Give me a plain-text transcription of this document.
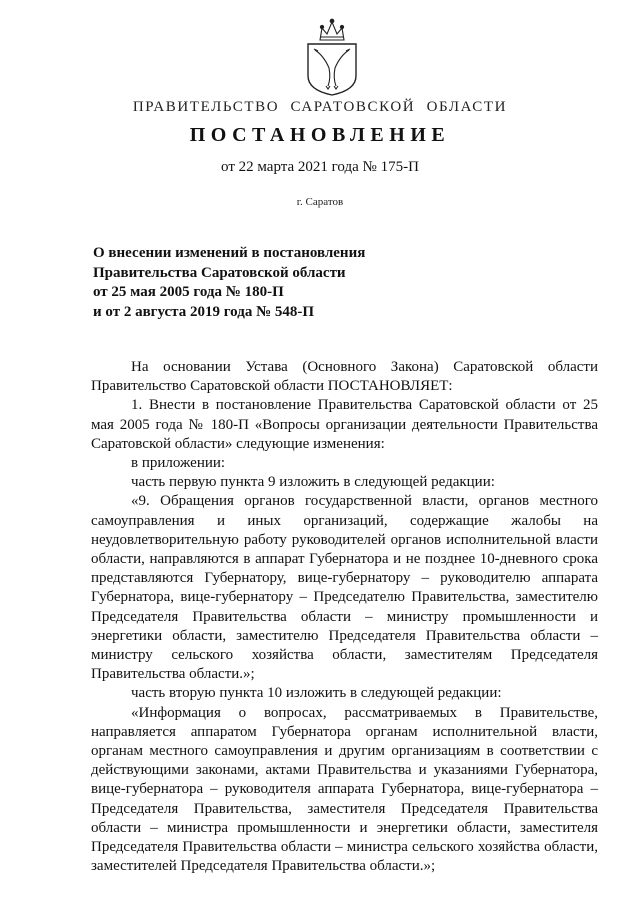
ПРАВИТЕЛЬСТВО САРАТОВСКОЙ ОБЛАСТИ
ПОСТАНОВЛЕНИЕ
от 22 марта 2021 года № 175-П
г. Саратов
О внесении изменений в постановления
Правительства Саратовской области
от 25 мая 2005 года № 180-П
и от 2 августа 2019 года № 548-П

На основании Устава (Основного Закона) Саратовской области Правительство Саратовской области ПОСТАНОВЛЯЕТ:

1. Внести в постановление Правительства Саратовской области от 25 мая 2005 года № 180-П «Вопросы организации деятельности Правительства Саратовской области» следующие изменения:

в приложении:

часть первую пункта 9 изложить в следующей редакции:

«9. Обращения органов государственной власти, органов местного самоуправления и иных организаций, содержащие жалобы на неудовлетворительную работу руководителей органов исполнительной власти области, направляются в аппарат Губернатора и не позднее 10-дневного срока представляются Губернатору, вице-губернатору – руководителю аппарата Губернатора, вице-губернатору – Председателю Правительства, заместителю Председателя Правительства области – министру промышленности и энергетики области, заместителю Председателя Правительства области – министру сельского хозяйства области, заместителям Председателя Правительства области.»;

часть вторую пункта 10 изложить в следующей редакции:

«Информация о вопросах, рассматриваемых в Правительстве, направляется аппаратом Губернатора органам исполнительной власти, органам местного самоуправления и другим организациям в соответствии с действующими законами, актами Правительства и указаниями Губернатора, вице-губернатора – руководителя аппарата Губернатора, вице-губернатора – Председателя Правительства, заместителя Председателя Правительства области – министра промышленности и энергетики области, заместителя Председателя Правительства области – министра сельского хозяйства области, заместителей Председателя Правительства области.»;
